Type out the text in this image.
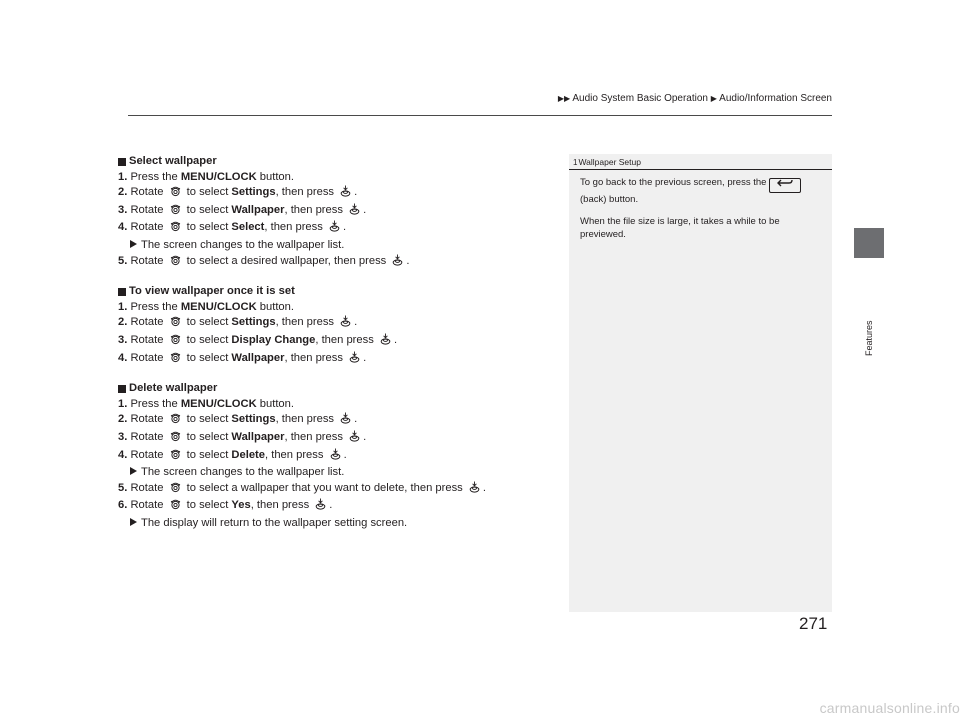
▶▶ Audio System Basic Operation ▶ Audio/Information Screen
Features
Select wallpaper
1. Press the MENU/CLOCK button.
2. Rotate  to select Settings, then press .
3. Rotate  to select Wallpaper, then press .
4. Rotate  to select Select, then press .
The screen changes to the wallpaper list.
5. Rotate  to select a desired wallpaper, then press .
To view wallpaper once it is set
1. Press the MENU/CLOCK button.
2. Rotate  to select Settings, then press .
3. Rotate  to select Display Change, then press .
4. Rotate  to select Wallpaper, then press .
Delete wallpaper
1. Press the MENU/CLOCK button.
2. Rotate  to select Settings, then press .
3. Rotate  to select Wallpaper, then press .
4. Rotate  to select Delete, then press .
The screen changes to the wallpaper list.
5. Rotate  to select a wallpaper that you want to delete, then press .
6. Rotate  to select Yes, then press .
The display will return to the wallpaper setting screen.
1Wallpaper Setup

To go back to the previous screen, press the
(back) button.

When the file size is large, it takes a while to be previewed.

271
carmanualsonline.info
